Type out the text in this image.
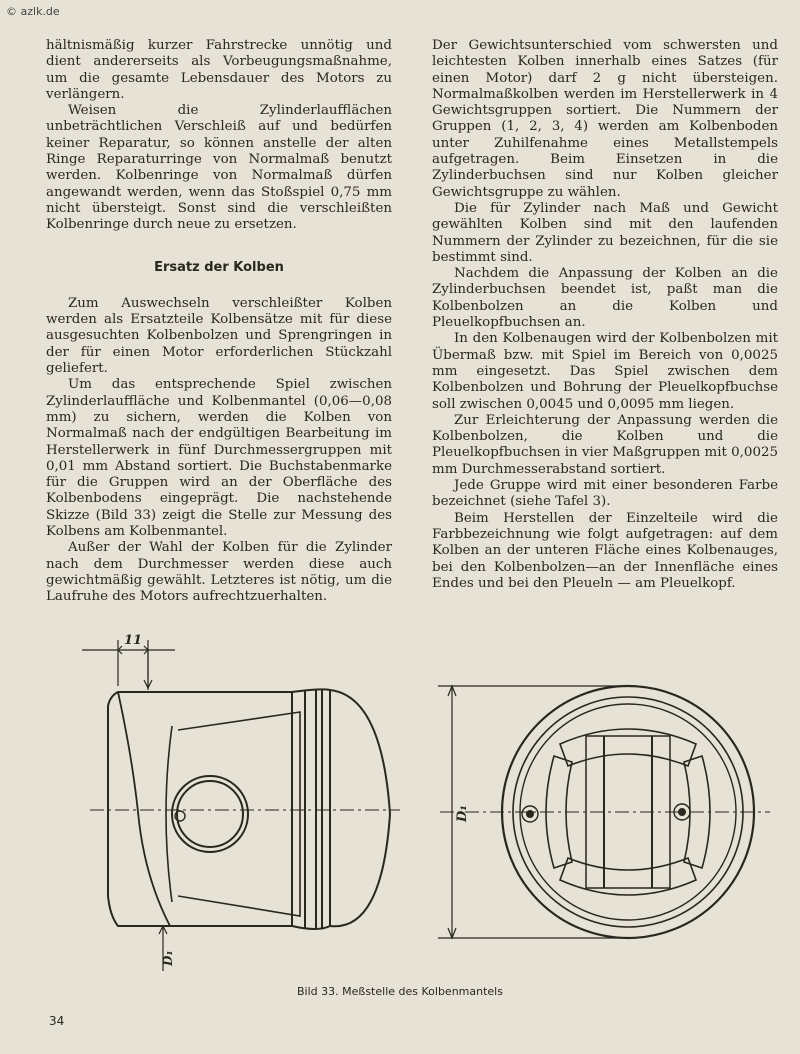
© azlk.de

hältnismäßig kurzer Fahrstrecke unnötig und dient andererseits als Vorbeugungsmaßnahme, um die gesamte Lebensdauer des Motors zu verlängern.

Weisen die Zylinderlaufflächen unbeträchtlichen Verschleiß auf und bedürfen keiner Reparatur, so können anstelle der alten Ringe Reparaturringe von Normalmaß benutzt werden. Kolbenringe von Normalmaß dürfen angewandt werden, wenn das Stoßspiel 0,75 mm nicht übersteigt. Sonst sind die verschleißten Kolbenringe durch neue zu ersetzen.

Ersatz der Kolben

Zum Auswechseln verschleißter Kolben werden als Ersatzteile Kolbensätze mit für diese ausgesuchten Kolbenbolzen und Sprengringen in der für einen Motor erforderlichen Stückzahl geliefert.

Um das entsprechende Spiel zwischen Zylinderlauffläche und Kolbenmantel (0,06—0,08 mm) zu sichern, werden die Kolben von Normalmaß nach der endgültigen Bearbeitung im Herstellerwerk in fünf Durchmessergruppen mit 0,01 mm Abstand sortiert. Die Buchstabenmarke für die Gruppen wird an der Oberfläche des Kolbenbodens eingeprägt. Die nachstehende Skizze (Bild 33) zeigt die Stelle zur Messung des Kolbens am Kolbenmantel.

Außer der Wahl der Kolben für die Zylinder nach dem Durchmesser werden diese auch gewichtmäßig gewählt. Letzteres ist nötig, um die Laufruhe des Motors aufrechtzuerhalten.

Der Gewichtsunterschied vom schwersten und leichtesten Kolben innerhalb eines Satzes (für einen Motor) darf 2 g nicht übersteigen. Normalmaßkolben werden im Herstellerwerk in 4 Gewichtsgruppen sortiert. Die Nummern der Gruppen (1, 2, 3, 4) werden am Kolbenboden unter Zuhilfenahme eines Metallstempels aufgetragen. Beim Einsetzen in die Zylinderbuchsen sind nur Kolben gleicher Gewichtsgruppe zu wählen.

Die für Zylinder nach Maß und Gewicht gewählten Kolben sind mit den laufenden Nummern der Zylinder zu bezeichnen, für die sie bestimmt sind.

Nachdem die Anpassung der Kolben an die Zylinderbuchsen beendet ist, paßt man die Kolbenbolzen an die Kolben und Pleuelkopfbuchsen an.

In den Kolbenaugen wird der Kolbenbolzen mit Übermaß bzw. mit Spiel im Bereich von 0,0025 mm eingesetzt. Das Spiel zwischen dem Kolbenbolzen und Bohrung der Pleuelkopfbuchse soll zwischen 0,0045 und 0,0095 mm liegen.

Zur Erleichterung der Anpassung werden die Kolbenbolzen, die Kolben und die Pleuelkopfbuchsen in vier Maßgruppen mit 0,0025 mm Durchmesserabstand sortiert.

Jede Gruppe wird mit einer besonderen Farbe bezeichnet (siehe Tafel 3).

Beim Herstellen der Einzelteile wird die Farbbezeichnung wie folgt aufgetragen: auf dem Kolben an der unteren Fläche eines Kolbenauges, bei den Kolbenbolzen—an der Innenfläche eines Endes und bei den Pleueln — am Pleuelkopf.

11
D₁
D₁
Bild 33. Meßstelle des Kolbenmantels
34
